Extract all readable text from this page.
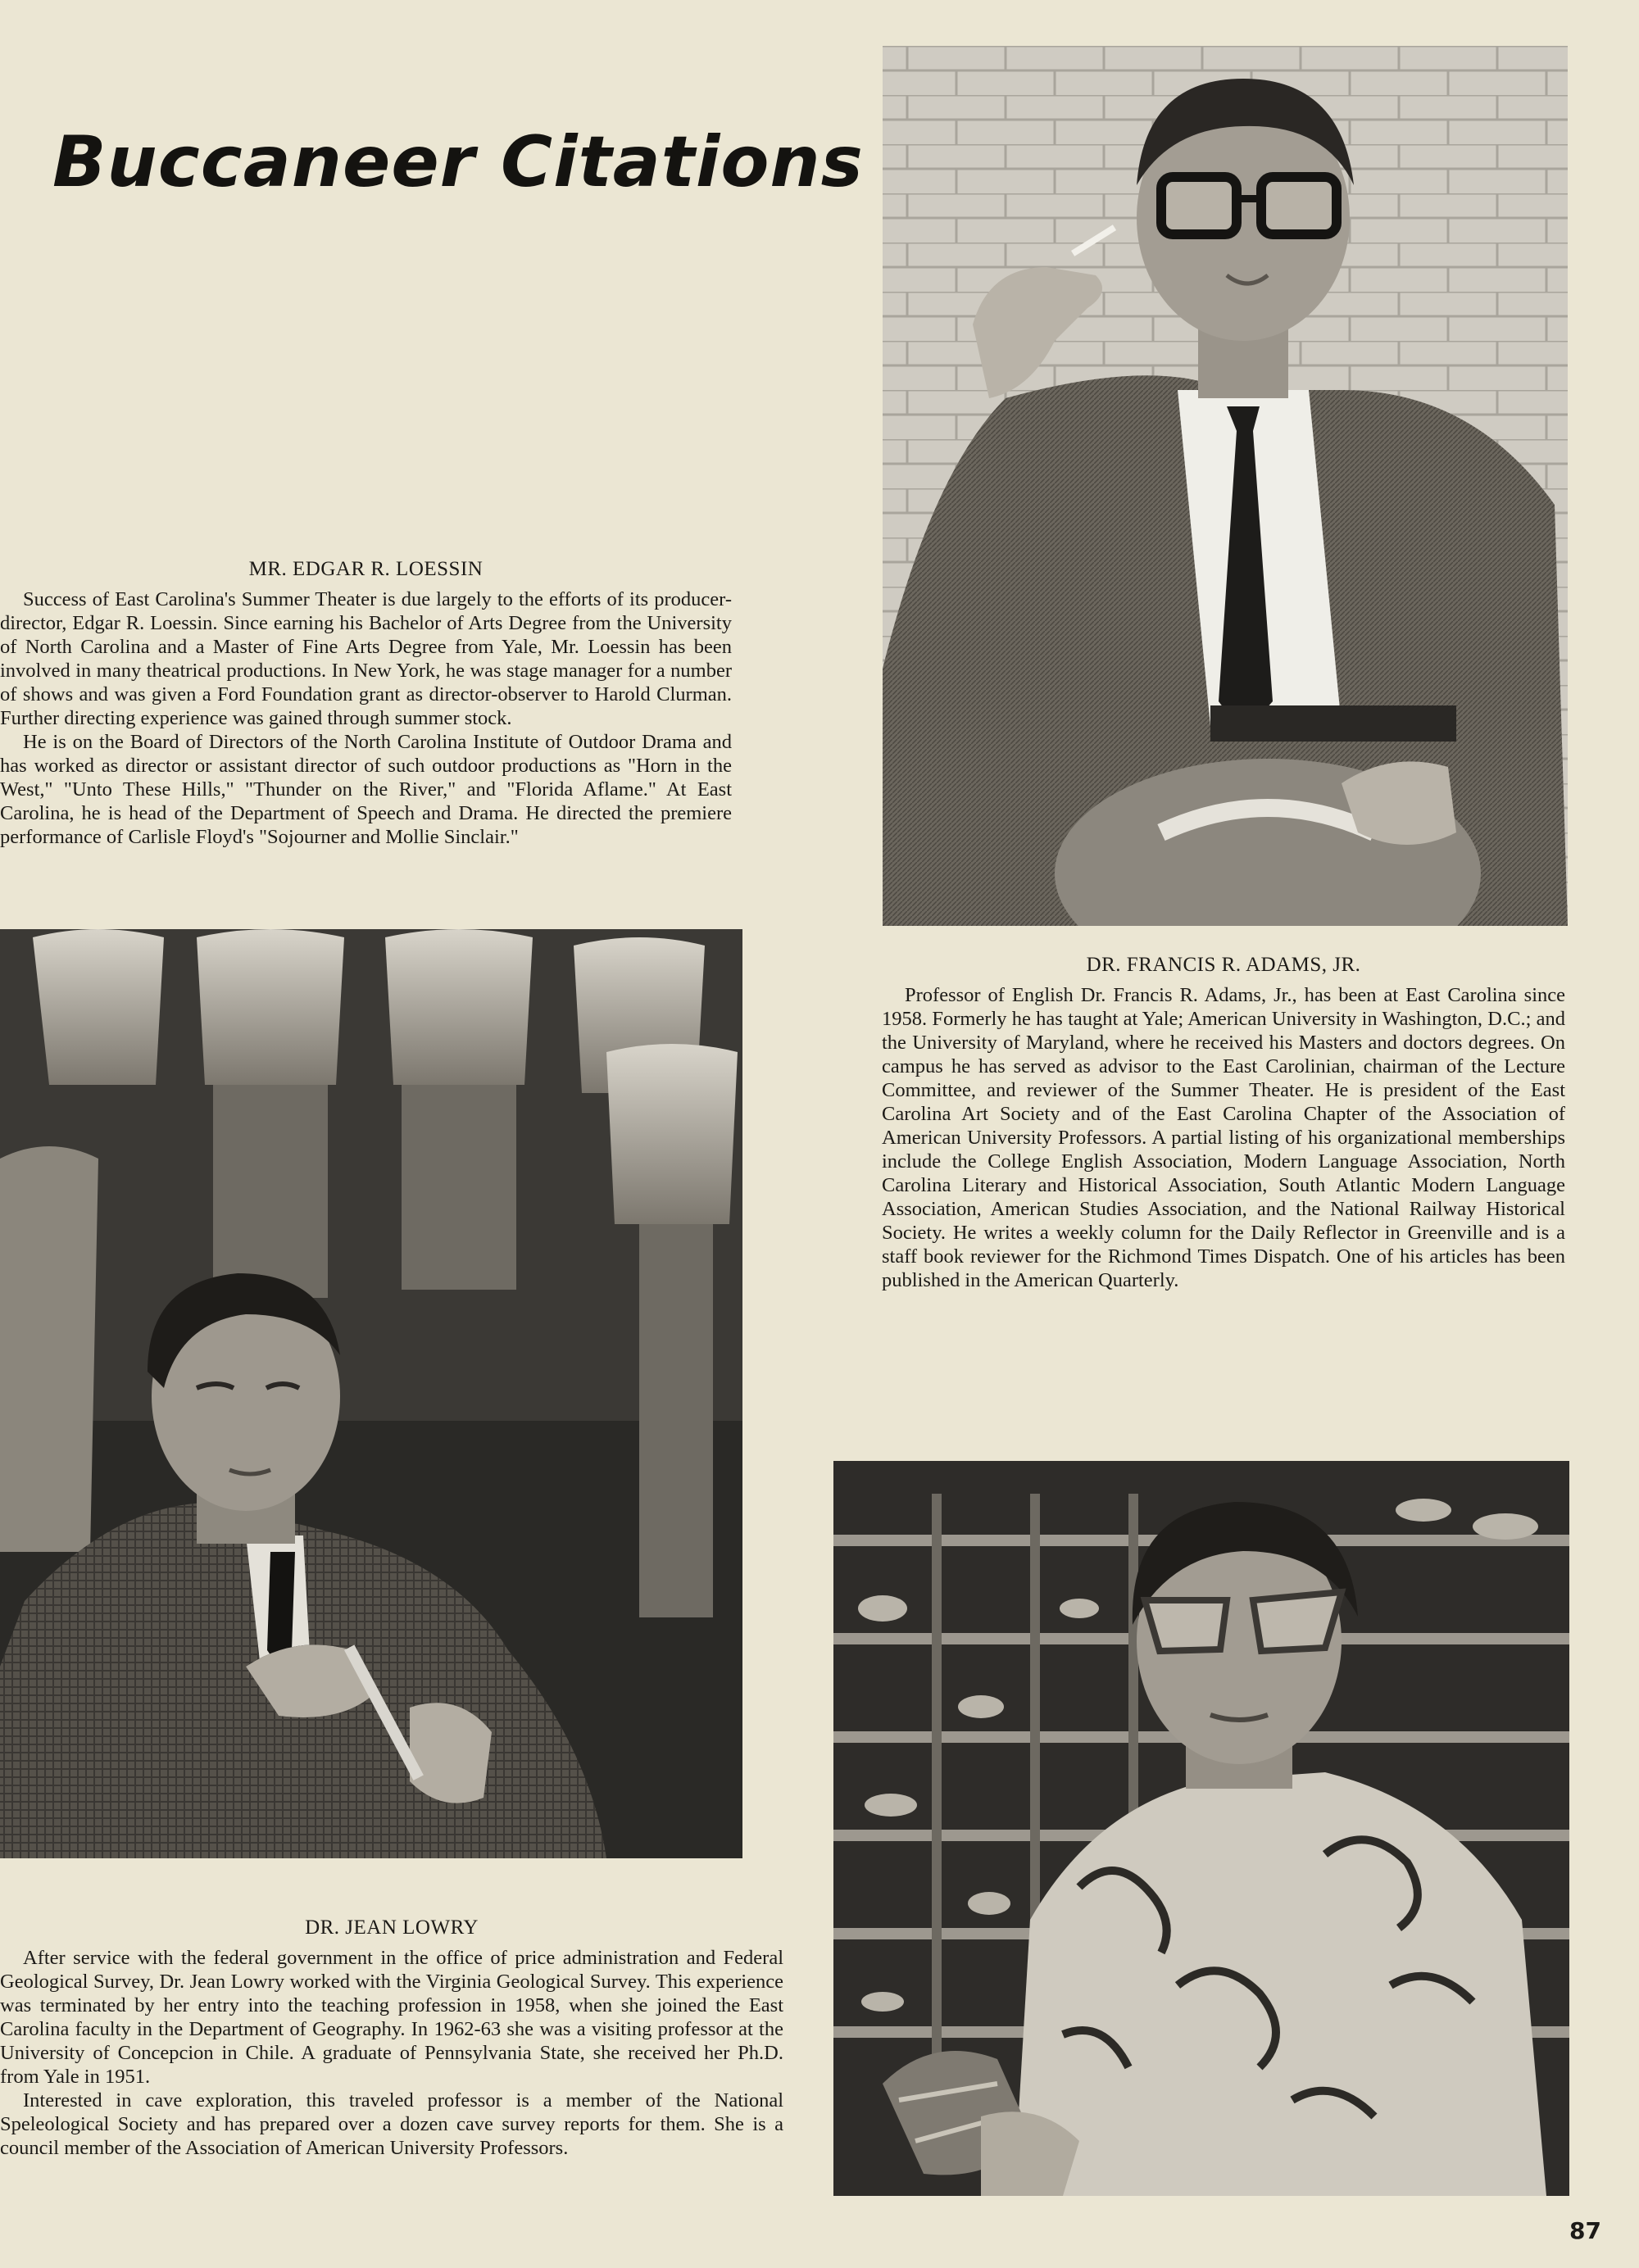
Buccaneer Citations
MR. EDGAR R. LOESSIN

Success of East Carolina's Summer Theater is due largely to the efforts of its producer-director, Edgar R. Loessin. Since earning his Bachelor of Arts Degree from the University of North Carolina and a Master of Fine Arts Degree from Yale, Mr. Loessin has been involved in many theatrical productions. In New York, he was stage manager for a number of shows and was given a Ford Foundation grant as director-observer to Harold Clurman. Further directing experience was gained through summer stock.

He is on the Board of Directors of the North Carolina Institute of Outdoor Drama and has worked as director or assistant director of such outdoor productions as "Horn in the West," "Unto These Hills," "Thunder on the River," and "Florida Aflame." At East Carolina, he is head of the Department of Speech and Drama. He directed the premiere performance of Carlisle Floyd's "Sojourner and Mollie Sinclair."

DR. FRANCIS R. ADAMS, JR.

Professor of English Dr. Francis R. Adams, Jr., has been at East Carolina since 1958. Formerly he has taught at Yale; American University in Washington, D.C.; and the University of Maryland, where he received his Masters and doctors degrees. On campus he has served as advisor to the East Carolinian, chairman of the Lecture Committee, and reviewer of the Summer Theater. He is president of the East Carolina Art Society and of the East Carolina Chapter of the Association of American University Professors. A partial listing of his organizational memberships include the College English Association, Modern Language Association, North Carolina Literary and Historical Association, South Atlantic Modern Language Association, American Studies Association, and the National Railway Historical Society. He writes a weekly column for the Daily Reflector in Greenville and is a staff book reviewer for the Richmond Times Dispatch. One of his articles has been published in the American Quarterly.

DR. JEAN LOWRY

After service with the federal government in the office of price administration and Federal Geological Survey, Dr. Jean Lowry worked with the Virginia Geological Survey. This experience was terminated by her entry into the teaching profession in 1958, when she joined the East Carolina faculty in the Department of Geography. In 1962-63 she was a visiting professor at the University of Concepcion in Chile. A graduate of Pennsylvania State, she received her Ph.D. from Yale in 1951.

Interested in cave exploration, this traveled professor is a member of the National Speleological Society and has prepared over a dozen cave survey reports for them. She is a council member of the Association of American University Professors.

87
